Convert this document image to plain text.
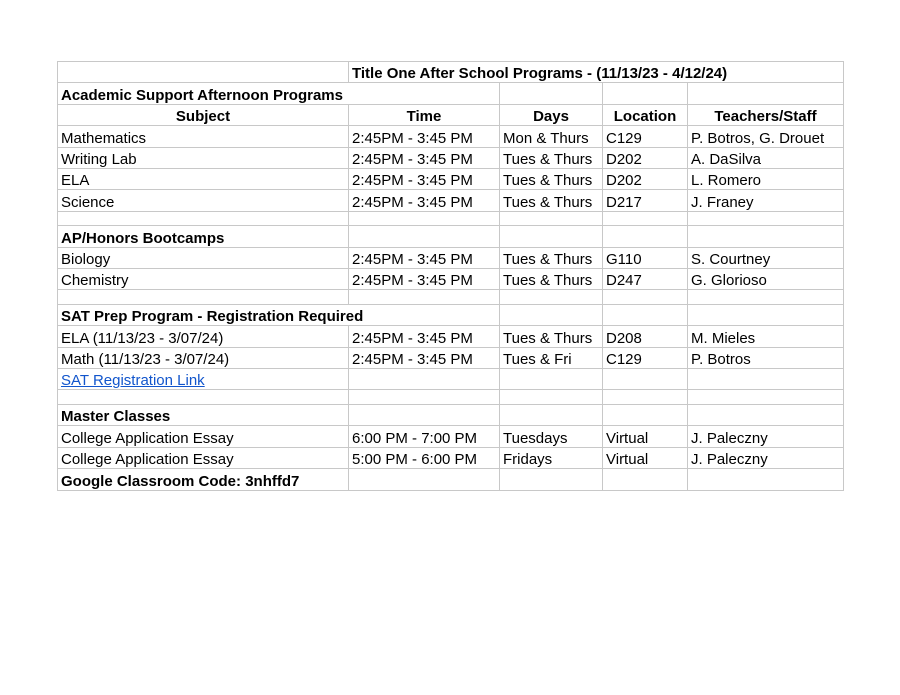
	Title One After School Programs - (11/13/23 - 4/12/24)			
Academic Support Afternoon Programs				
Subject	Time	Days	Location	Teachers/Staff
Mathematics	2:45PM - 3:45 PM	Mon & Thurs	C129	P. Botros, G. Drouet
Writing Lab	2:45PM - 3:45 PM	Tues & Thurs	D202	A. DaSilva
ELA	2:45PM - 3:45 PM	Tues & Thurs	D202	L. Romero
Science	2:45PM - 3:45 PM	Tues & Thurs	D217	J. Franey

AP/Honors Bootcamps				
Biology	2:45PM - 3:45 PM	Tues & Thurs	G110	S. Courtney
Chemistry	2:45PM - 3:45 PM	Tues & Thurs	D247	G. Glorioso

SAT Prep Program - Registration Required				
ELA (11/13/23 - 3/07/24)	2:45PM - 3:45 PM	Tues & Thurs	D208	M. Mieles
Math (11/13/23 - 3/07/24)	2:45PM - 3:45 PM	Tues & Fri	C129	P. Botros
SAT Registration Link				

Master Classes				
College Application Essay	6:00 PM - 7:00 PM	Tuesdays	Virtual	J. Paleczny
College Application Essay	5:00 PM - 6:00 PM	Fridays	Virtual	J. Paleczny
Google Classroom Code: 3nhffd7				
